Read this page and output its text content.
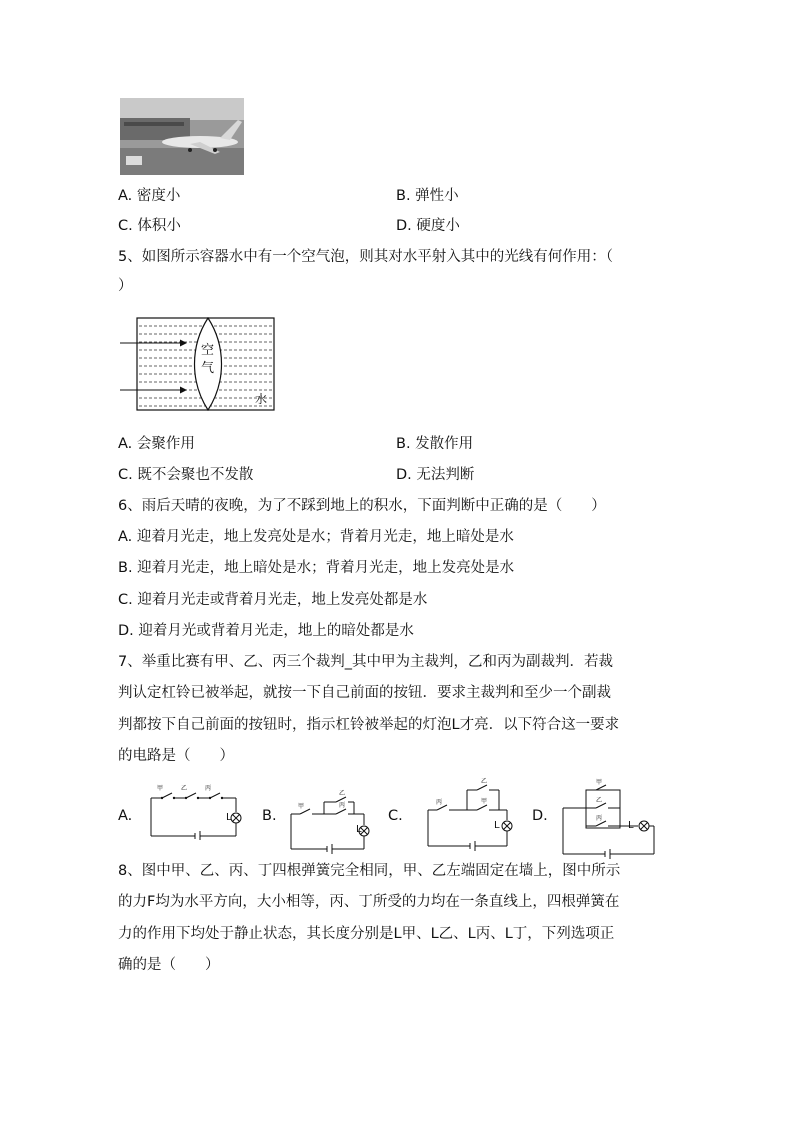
A. 密度小	B. 弹性小
C. 体积小	D. 硬度小
5、如图所示容器水中有一个空气泡，则其对水平射入其中的光线有何作用：（
）
空
气
水
A. 会聚作用	B. 发散作用
C. 既不会聚也不发散	D. 无法判断
6、雨后天晴的夜晚，为了不踩到地上的积水，下面判断中正确的是（　　）
A. 迎着月光走，地上发亮处是水；背着月光走，地上暗处是水
B. 迎着月光走，地上暗处是水；背着月光走，地上发亮处是水
C. 迎着月光走或背着月光走，地上发亮处都是水
D. 迎着月光或背着月光走，地上的暗处都是水
7、举重比赛有甲、乙、丙三个裁判_其中甲为主裁判，乙和丙为副裁判．若裁
判认定杠铃已被举起，就按一下自己前面的按钮．要求主裁判和至少一个副裁
判都按下自己前面的按钮时，指示杠铃被举起的灯泡L才亮．以下符合这一要求
的电路是（　　）
A.	B.	C.	D.
甲	乙	丙
L
甲
乙
丙
L
丙
乙
甲
L
甲
乙
丙
L
8、图中甲、乙、丙、丁四根弹簧完全相同，甲、乙左端固定在墙上，图中所示
的力F均为水平方向，大小相等，丙、丁所受的力均在一条直线上，四根弹簧在
力的作用下均处于静止状态，其长度分别是L甲、L乙、L丙、L丁，下列选项正
确的是（　　）
